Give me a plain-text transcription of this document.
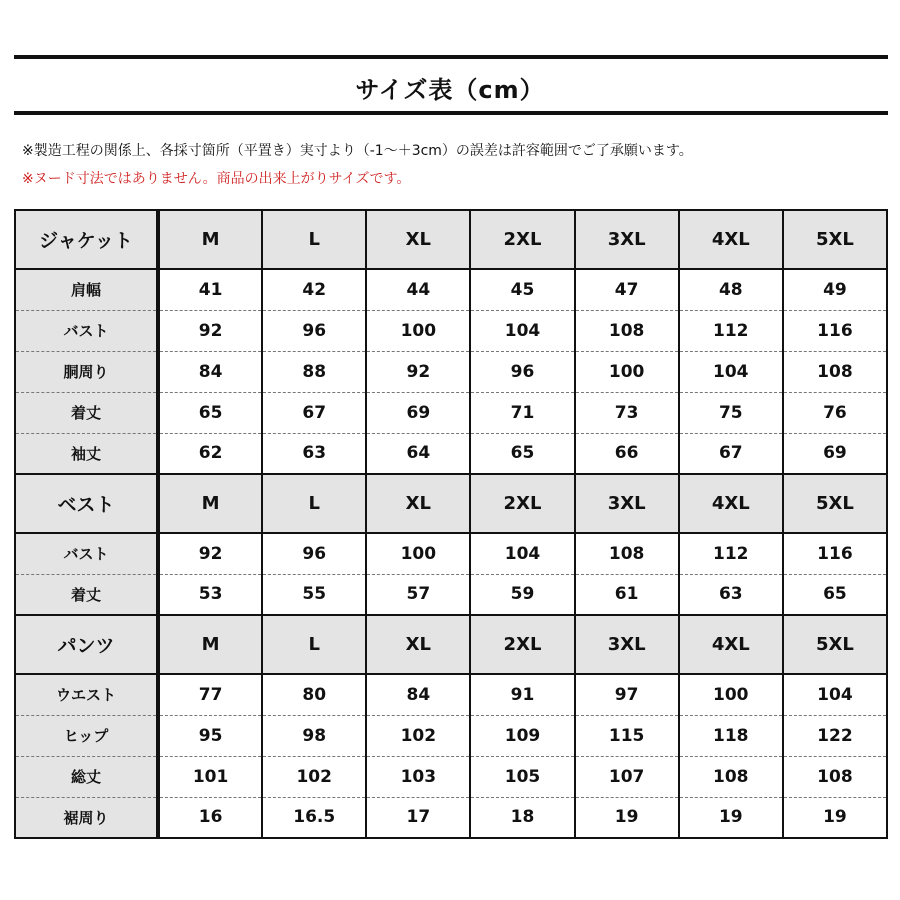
サイズ表（cm）
※製造工程の関係上、各採寸箇所（平置き）実寸より（-1～＋3cm）の誤差は許容範囲でご了承願います。
※ヌード寸法ではありません。商品の出来上がりサイズです。
ジャケット	M	L	XL	2XL	3XL	4XL	5XL
肩幅	41	42	44	45	47	48	49
バスト	92	96	100	104	108	112	116
胴周り	84	88	92	96	100	104	108
着丈	65	67	69	71	73	75	76
袖丈	62	63	64	65	66	67	69
ベスト	M	L	XL	2XL	3XL	4XL	5XL
バスト	92	96	100	104	108	112	116
着丈	53	55	57	59	61	63	65
パンツ	M	L	XL	2XL	3XL	4XL	5XL
ウエスト	77	80	84	91	97	100	104
ヒップ	95	98	102	109	115	118	122
総丈	101	102	103	105	107	108	108
裾周り	16	16.5	17	18	19	19	19
